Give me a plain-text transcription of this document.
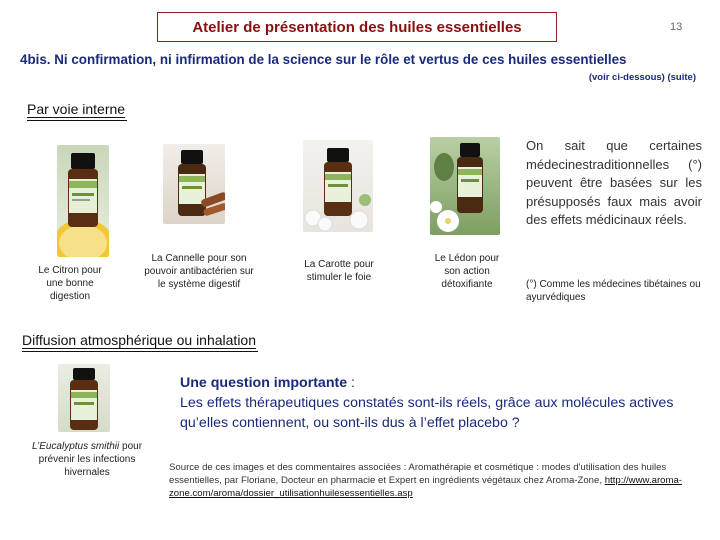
Atelier de présentation des huiles essentielles	13
4bis. Ni confirmation, ni infirmation de la science sur le rôle et vertus de ces huiles essentielles
(voir ci-dessous) (suite)
Par voie interne
Le Citron pour une bonne digestion
La Cannelle pour son pouvoir antibactérien sur le système digestif
La Carotte pour stimuler le foie
Le Lédon pour son action détoxifiante
On sait que certaines médecinestraditionnelles (°) peuvent être basées sur les présupposés faux mais avoir des effets médicinaux réels.
(°) Comme les médecines tibétaines ou ayurvédiques
Diffusion atmosphérique ou inhalation
L’Eucalyptus smithii pour prévenir les infections hivernales
Une question importante :
Les effets thérapeutiques constatés sont-ils réels, grâce aux molécules actives qu’elles contiennent, ou sont-ils dus à l’effet placebo ?
Source de ces images et des commentaires associées : Aromathérapie et cosmétique : modes d'utilisation des huiles essentielles, par Floriane, Docteur en pharmacie et Expert en ingrédients végétaux chez Aroma-Zone, http://www.aroma-zone.com/aroma/dossier_utilisationhuilesessentielles.asp
